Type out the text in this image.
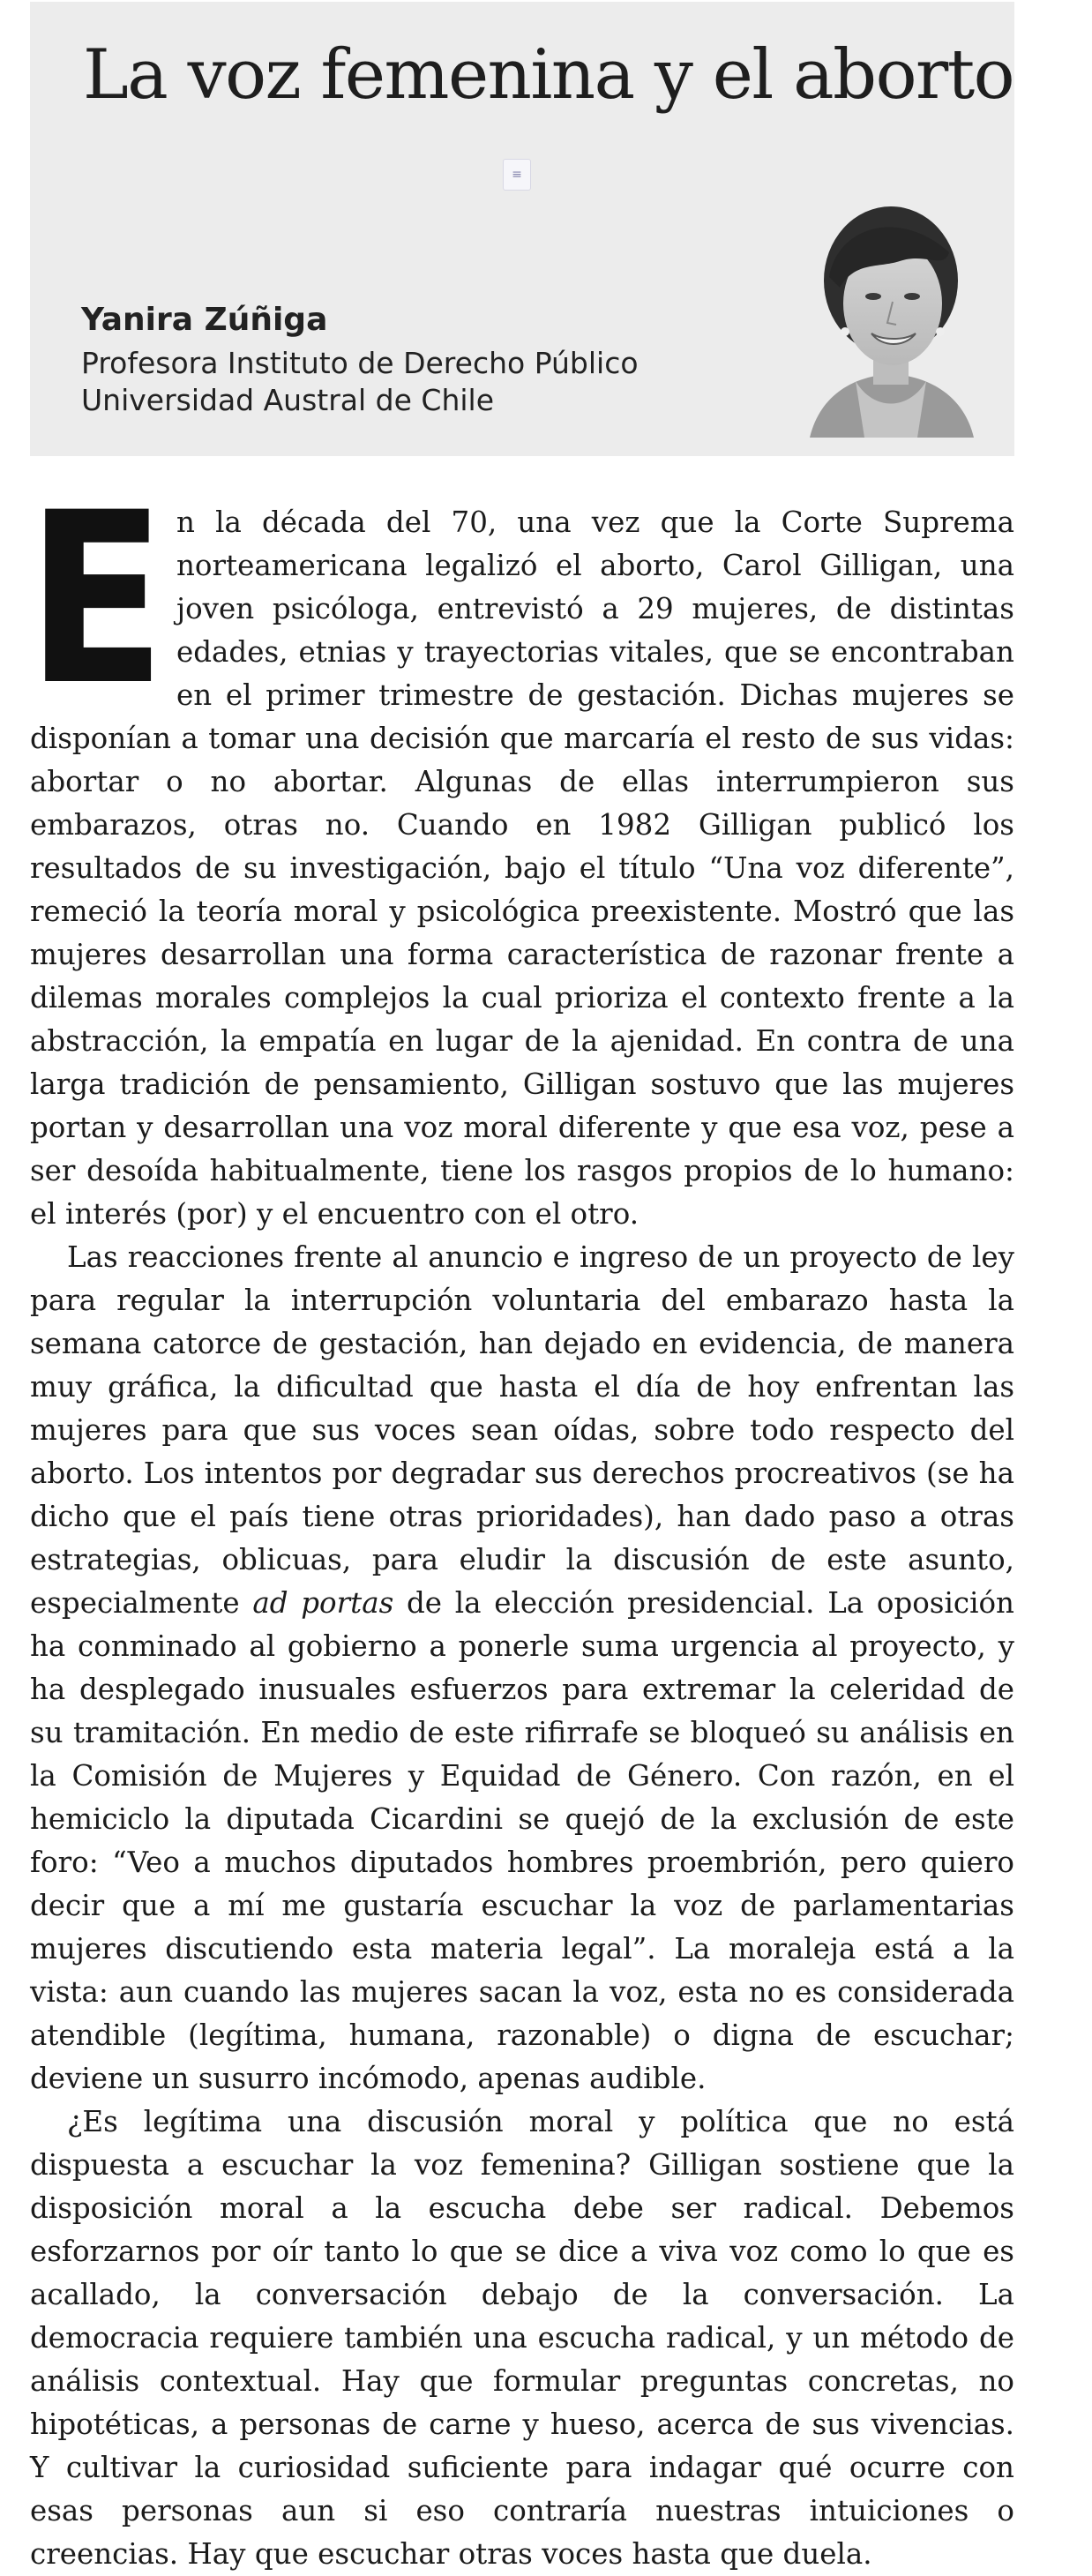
La voz femenina y el aborto
≡
Yanira Zúñiga
Profesora Instituto de Derecho Público
Universidad Austral de Chile

E n la década del 70, una vez que la Corte Suprema norteamericana legalizó el aborto, Carol Gilligan, una joven psicóloga, entrevistó a 29 mujeres, de distintas edades, etnias y trayectorias vitales, que se encontraban en el primer trimestre de gestación. Dichas mujeres se disponían a tomar una decisión que marcaría el resto de sus vidas: abortar o no abortar. Algunas de ellas interrumpieron sus embarazos, otras no. Cuando en 1982 Gilligan publicó los resultados de su investigación, bajo el título “Una voz diferente”, remeció la teoría moral y psicológica preexistente. Mostró que las mujeres desarrollan una forma característica de razonar frente a dilemas morales complejos la cual prioriza el contexto frente a la abstracción, la empatía en lugar de la ajenidad. En contra de una larga tradición de pensamiento, Gilligan sostuvo que las mujeres portan y desarrollan una voz moral diferente y que esa voz, pese a ser desoída habitualmente, tiene los rasgos propios de lo humano: el interés (por) y el encuentro con el otro.

Las reacciones frente al anuncio e ingreso de un proyecto de ley para regular la interrupción voluntaria del embarazo hasta la semana catorce de gestación, han dejado en evidencia, de manera muy gráfica, la dificultad que hasta el día de hoy enfrentan las mujeres para que sus voces sean oídas, sobre todo respecto del aborto. Los intentos por degradar sus derechos procreativos (se ha dicho que el país tiene otras prioridades), han dado paso a otras estrategias, oblicuas, para eludir la discusión de este asunto, especialmente ad portas de la elección presidencial. La oposición ha conminado al gobierno a ponerle suma urgencia al proyecto, y ha desplegado inusuales esfuerzos para extremar la celeridad de su tramitación. En medio de este rifirrafe se bloqueó su análisis en la Comisión de Mujeres y Equidad de Género. Con razón, en el hemiciclo la diputada Cicardini se quejó de la exclusión de este foro: “Veo a muchos diputados hombres proembrión, pero quiero decir que a mí me gustaría escuchar la voz de parlamentarias mujeres discutiendo esta materia legal”. La moraleja está a la vista: aun cuando las mujeres sacan la voz, esta no es considerada atendible (legítima, humana, razonable) o digna de escuchar; deviene un susurro incómodo, apenas audible.

¿Es legítima una discusión moral y política que no está dispuesta a escuchar la voz femenina? Gilligan sostiene que la disposición moral a la escucha debe ser radical. Debemos esforzarnos por oír tanto lo que se dice a viva voz como lo que es acallado, la conversación debajo de la conversación. La democracia requiere también una escucha radical, y un método de análisis contextual. Hay que formular preguntas concretas, no hipotéticas, a personas de carne y hueso, acerca de sus vivencias. Y cultivar la curiosidad suficiente para indagar qué ocurre con esas personas aun si eso contraría nuestras intuiciones o creencias. Hay que escuchar otras voces hasta que duela.
